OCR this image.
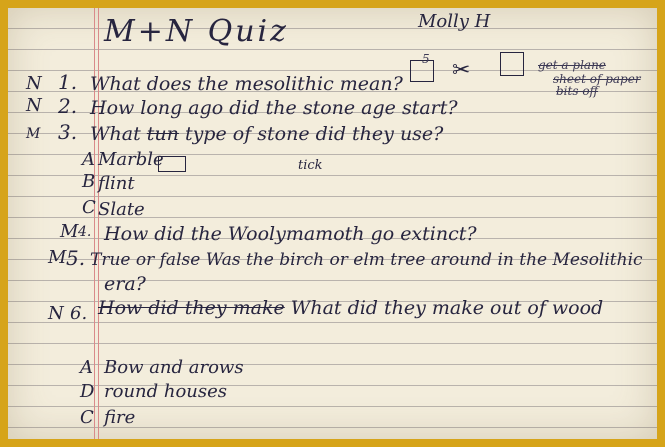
M+N Quiz	Molly H
5 ✂	get a plane
sheet of paper
bits off
N 1. What does the mesolithic mean?
N 2. How long ago did the stone age start?
M 3. What tun type of stone did they use?
A Marble	tick
B flint
C Slate
M 4. How did the Woolymamoth go extinct?
M 5. True or false Was the birch or elm tree around in the Mesolithic
era?
N 6. How did they make What did they make out of wood
A Bow and arows
D round houses
C fire
